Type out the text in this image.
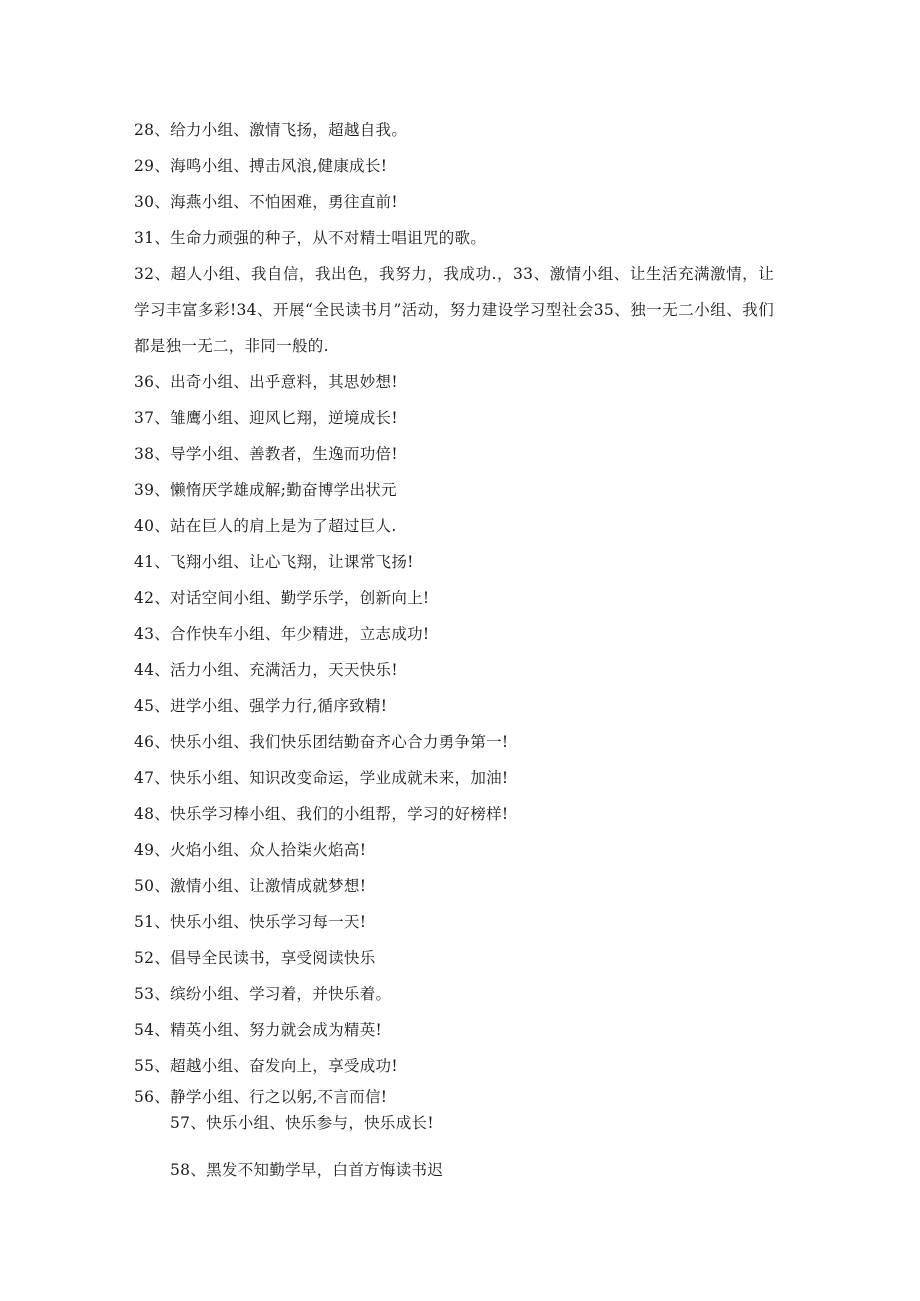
28、给力小组、激情飞扬，超越自我。
29、海鸣小组、搏击风浪,健康成长!
30、海燕小组、不怕困难，勇往直前!
31、生命力顽强的种子，从不对精士唱诅咒的歌。
32、超人小组、我自信，我出色，我努力，我成功.，33、激情小组、让生活充满激情，让学习丰富多彩!34、开展“全民读书月”活动，努力建设学习型社会35、独一无二小组、我们都是独一无二，非同一般的.
36、出奇小组、出乎意料，其思妙想!
37、雏鹰小组、迎风匕翔，逆境成长!
38、导学小组、善教者，生逸而功倍!
39、懒惰厌学雄成解;勤奋博学出状元
40、站在巨人的肩上是为了超过巨人.
41、飞翔小组、让心飞翔，让课常飞扬!
42、对话空间小组、勤学乐学，创新向上!
43、合作快车小组、年少精进，立志成功!
44、活力小组、充满活力，天天快乐!
45、进学小组、强学力行,循序致精!
46、快乐小组、我们快乐团结勤奋齐心合力勇争第一!
47、快乐小组、知识改变命运，学业成就未来，加油!
48、快乐学习棒小组、我们的小组帮，学习的好榜样!
49、火焰小组、众人拾柒火焰高!
50、激情小组、让激情成就梦想!
51、快乐小组、快乐学习每一天!
52、倡导全民读书，享受阅读快乐
53、缤纷小组、学习着，并快乐着。
54、精英小组、努力就会成为精英!
55、超越小组、奋发向上，享受成功!
56、静学小组、行之以躬,不言而信!
57、快乐小组、快乐参与，快乐成长!
58、黑发不知勤学早，白首方悔读书迟
